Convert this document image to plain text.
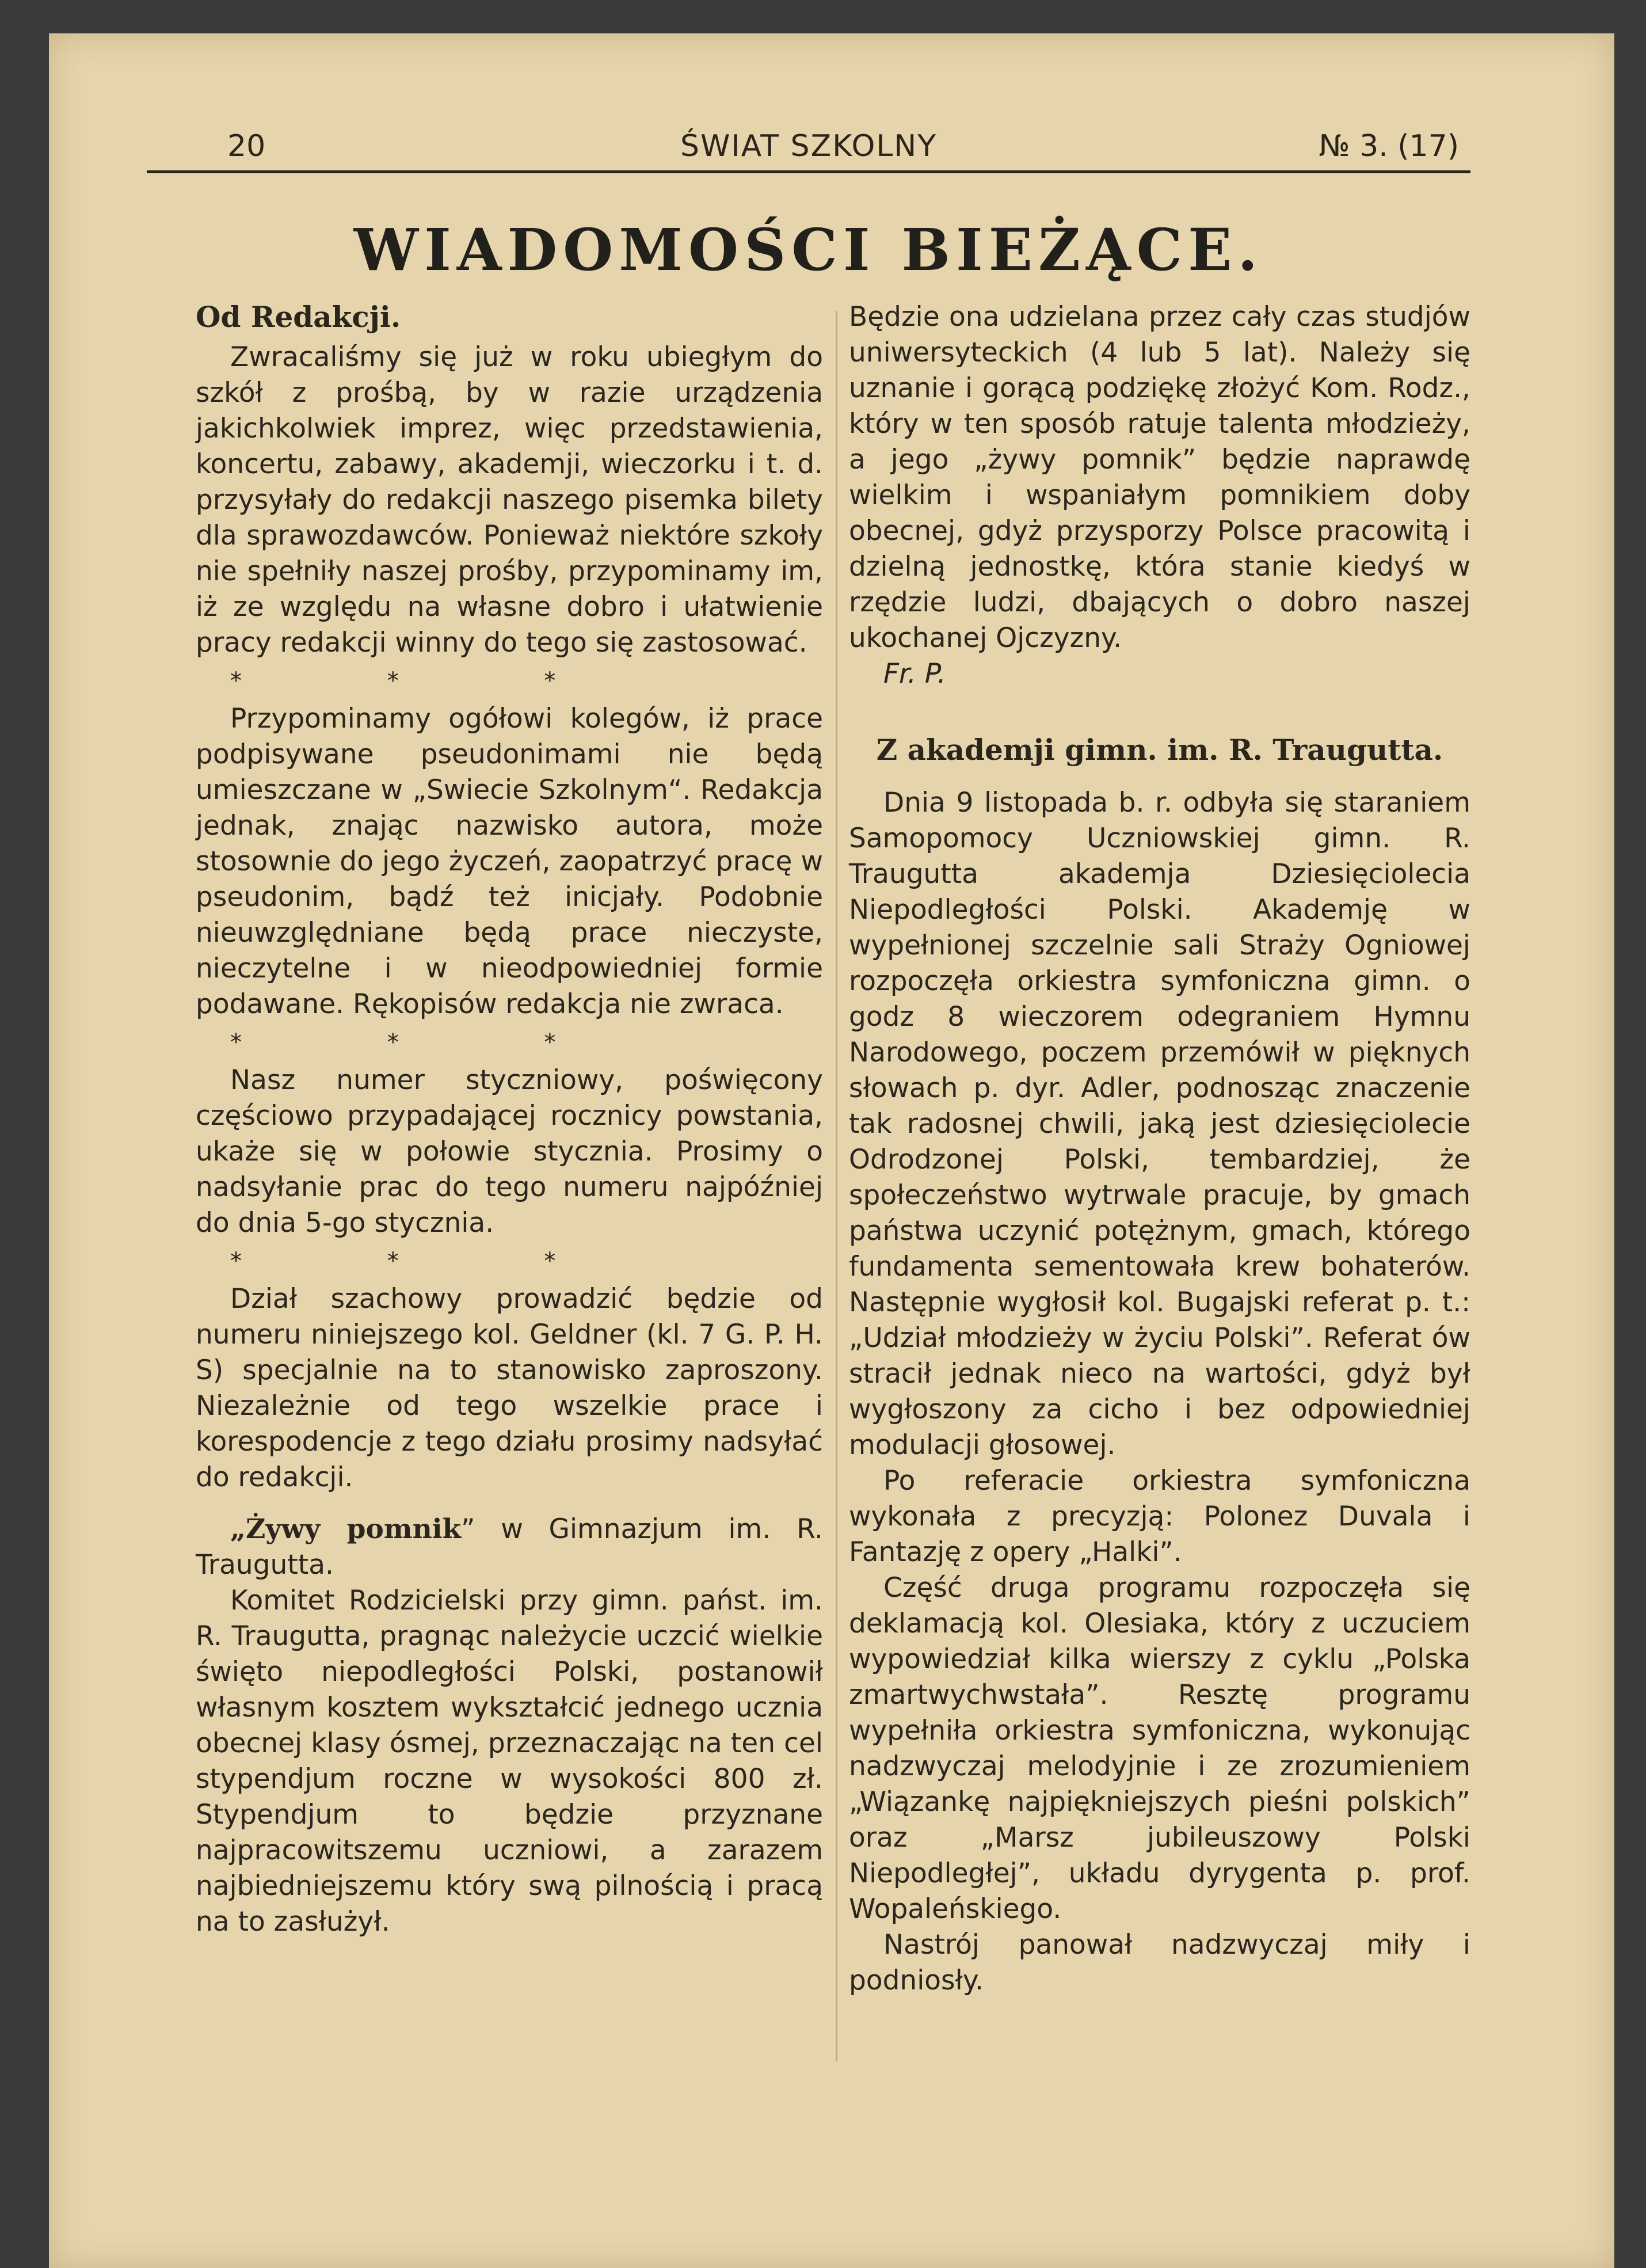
20	ŚWIAT SZKOLNY	№ 3. (17)
WIADOMOŚCI BIEŻĄCE.
Od Redakcji.

Zwracaliśmy się już w roku ubiegłym do szkół z prośbą, by w razie urządzenia jakichkolwiek imprez, więc przedstawienia, koncertu, zabawy, akademji, wieczorku i t. d. przysyłały do redakcji naszego pisemka bilety dla sprawozdawców. Ponieważ niektóre szkoły nie spełniły naszej prośby, przypominamy im, iż ze względu na własne dobro i ułatwienie pracy redakcji winny do tego się zastosować.

* * *

Przypominamy ogółowi kolegów, iż prace podpisywane pseudonimami nie będą umieszczane w „Swiecie Szkolnym“. Redakcja jednak, znając nazwisko autora, może stosownie do jego życzeń, zaopatrzyć pracę w pseudonim, bądź też inicjały. Podobnie nieuwzględniane będą prace nieczyste, nieczytelne i w nieodpowiedniej formie podawane. Rękopisów redakcja nie zwraca.

* * *

Nasz numer styczniowy, poświęcony częściowo przypadającej rocznicy powstania, ukaże się w połowie stycznia. Prosimy o nadsyłanie prac do tego numeru najpóźniej do dnia 5-go stycznia.

* * *

Dział szachowy prowadzić będzie od numeru niniejszego kol. Geldner (kl. 7 G. P. H. S) specjalnie na to stanowisko zaproszony. Niezależnie od tego wszelkie prace i korespodencje z tego działu prosimy nadsyłać do redakcji.

„Żywy pomnik” w Gimnazjum im. R. Traugutta.

Komitet Rodzicielski przy gimn. państ. im. R. Traugutta, pragnąc należycie uczcić wielkie święto niepodległości Polski, postanowił własnym kosztem wykształcić jednego ucznia obecnej klasy ósmej, przeznaczając na ten cel stypendjum roczne w wysokości 800 zł. Stypendjum to będzie przyznane najpracowitszemu uczniowi, a zarazem najbiedniejszemu który swą pilnością i pracą na to zasłużył.

Będzie ona udzielana przez cały czas studjów uniwersyteckich (4 lub 5 lat). Należy się uznanie i gorącą podziękę złożyć Kom. Rodz., który w ten sposób ratuje talenta młodzieży, a jego „żywy pomnik” będzie naprawdę wielkim i wspaniałym pomnikiem doby obecnej, gdyż przysporzy Polsce pracowitą i dzielną jednostkę, która stanie kiedyś w rzędzie ludzi, dbających o dobro naszej ukochanej Ojczyzny.

Fr. P.

Z akademji gimn. im. R. Traugutta.

Dnia 9 listopada b. r. odbyła się staraniem Samopomocy Uczniowskiej gimn. R. Traugutta akademja Dziesięciolecia Niepodległości Polski. Akademję w wypełnionej szczelnie sali Straży Ogniowej rozpoczęła orkiestra symfoniczna gimn. o godz 8 wieczorem odegraniem Hymnu Narodowego, poczem przemówił w pięknych słowach p. dyr. Adler, podnosząc znaczenie tak radosnej chwili, jaką jest dziesięciolecie Odrodzonej Polski, tembardziej, że społeczeństwo wytrwale pracuje, by gmach państwa uczynić potężnym, gmach, którego fundamenta sementowała krew bohaterów. Następnie wygłosił kol. Bugajski referat p. t.: „Udział młodzieży w życiu Polski”. Referat ów stracił jednak nieco na wartości, gdyż był wygłoszony za cicho i bez odpowiedniej modulacji głosowej.

Po referacie orkiestra symfoniczna wykonała z precyzją: Polonez Duvala i Fantazję z opery „Halki”.

Część druga programu rozpoczęła się deklamacją kol. Olesiaka, który z uczuciem wypowiedział kilka wierszy z cyklu „Polska zmartwychwstała”. Resztę programu wypełniła orkiestra symfoniczna, wykonując nadzwyczaj melodyjnie i ze zrozumieniem „Wiązankę najpiękniejszych pieśni polskich” oraz „Marsz jubileuszowy Polski Niepodległej”, układu dyrygenta p. prof. Wopaleńskiego.

Nastrój panował nadzwyczaj miły i podniosły.
